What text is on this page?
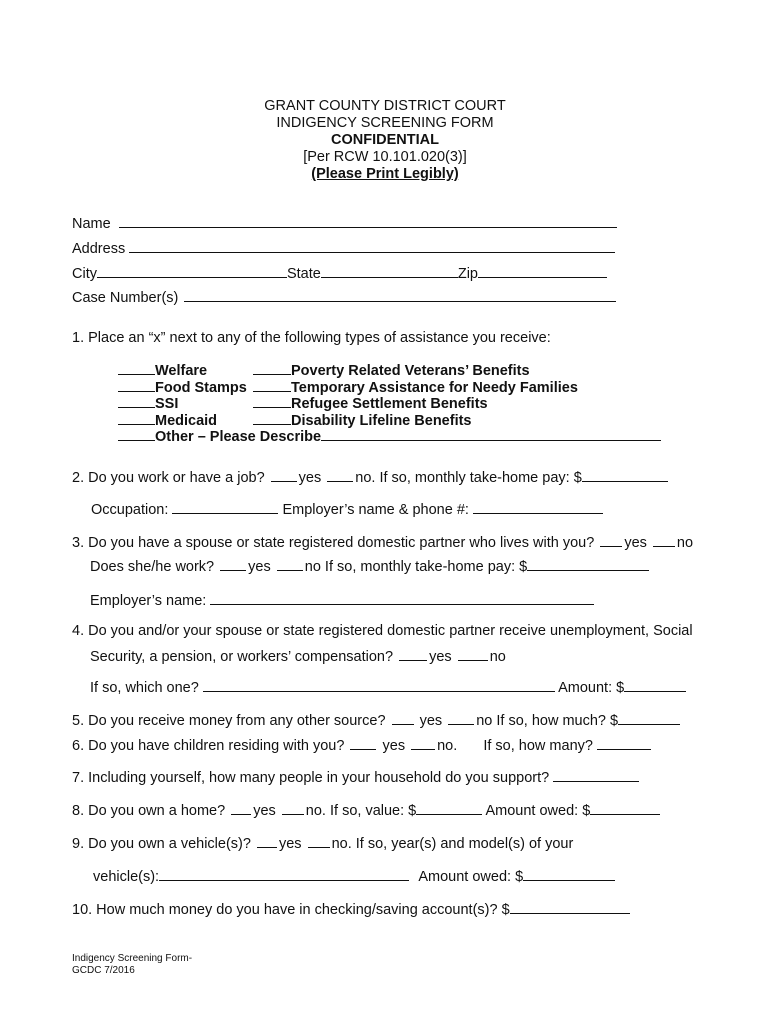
GRANT COUNTY DISTRICT COURT
INDIGENCY SCREENING FORM
CONFIDENTIAL
[Per RCW 10.101.020(3)]
(Please Print Legibly)
Name
Address
City	State	Zip
Case Number(s)
1. Place an “x” next to any of the following types of assistance you receive:
Welfare	Poverty Related Veterans’ Benefits
Food Stamps	Temporary Assistance for Needy Families
SSI	Refugee Settlement Benefits
Medicaid	Disability Lifeline Benefits
Other – Please Describe
2. Do you work or have a job? yes no. If so, monthly take-home pay: $
Occupation:	Employer’s name & phone #:
3. Do you have a spouse or state registered domestic partner who lives with you? yes no
Does she/he work? yes no If so, monthly take-home pay: $
Employer’s name:
4. Do you and/or your spouse or state registered domestic partner receive unemployment, Social
Security, a pension, or workers’ compensation? yes	no
If so, which one?	Amount: $
5. Do you receive money from any other source? yes no If so, how much? $
6. Do you have children residing with you?	yes no. If so, how many?
7. Including yourself, how many people in your household do you support?
8. Do you own a home? yes no. If so, value: $	Amount owed: $
9. Do you own a vehicle(s)? yes no. If so, year(s) and model(s) of your
vehicle(s):	Amount owed: $
10. How much money do you have in checking/saving account(s)? $
Indigency Screening Form-
GCDC 7/2016
